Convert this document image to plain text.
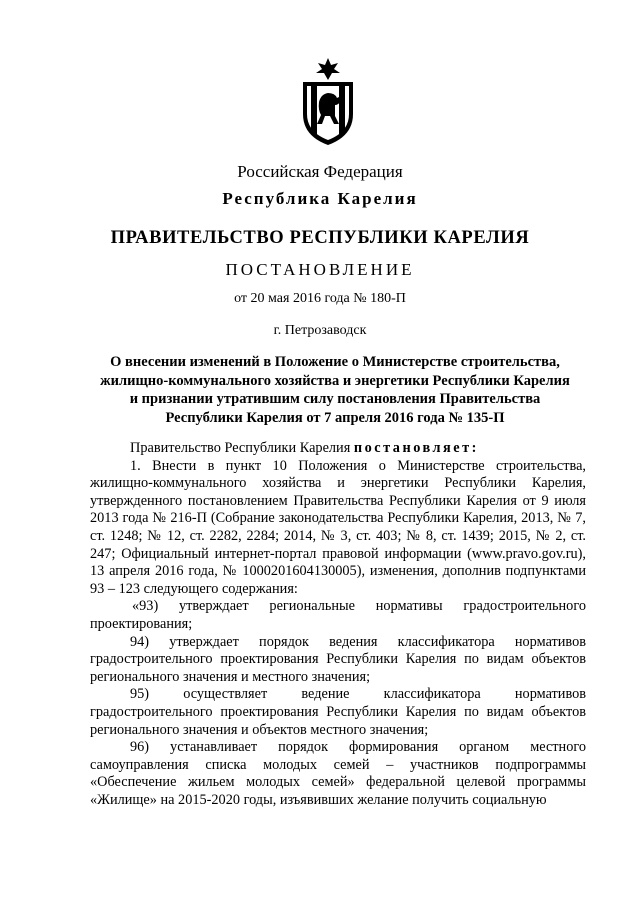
Российская Федерация
Республика Карелия
ПРАВИТЕЛЬСТВО РЕСПУБЛИКИ КАРЕЛИЯ
ПОСТАНОВЛЕНИЕ
от 20 мая 2016 года № 180-П
г. Петрозаводск
О внесении изменений в Положение о Министерстве строительства, жилищно-коммунального хозяйства и энергетики Республики Карелия и признании утратившим силу постановления Правительства Республики Карелия от 7 апреля 2016 года № 135-П

Правительство Республики Карелия постановляет:

1. Внести в пункт 10 Положения о Министерстве строительства, жилищно-коммунального хозяйства и энергетики Республики Карелия, утвержденного постановлением Правительства Республики Карелия от 9 июля 2013 года № 216-П (Собрание законодательства Республики Карелия, 2013, № 7, ст. 1248; № 12, ст. 2282, 2284; 2014, № 3, ст. 403; № 8, ст. 1439; 2015, № 2, ст. 247; Официальный интернет-портал правовой информации (www.pravo.gov.ru), 13 апреля 2016 года, № 1000201604130005), изменения, дополнив подпунктами 93 – 123 следующего содержания:

«93) утверждает региональные нормативы градостроительного проектирования;

94) утверждает порядок ведения классификатора нормативов градостроительного проектирования Республики Карелия по видам объектов регионального значения и местного значения;

95) осуществляет ведение классификатора нормативов градостроительного проектирования Республики Карелия по видам объектов регионального значения и объектов местного значения;

96) устанавливает порядок формирования органом местного самоуправления списка молодых семей – участников подпрограммы «Обеспечение жильем молодых семей» федеральной целевой программы «Жилище» на 2015-2020 годы, изъявивших желание получить социальную
